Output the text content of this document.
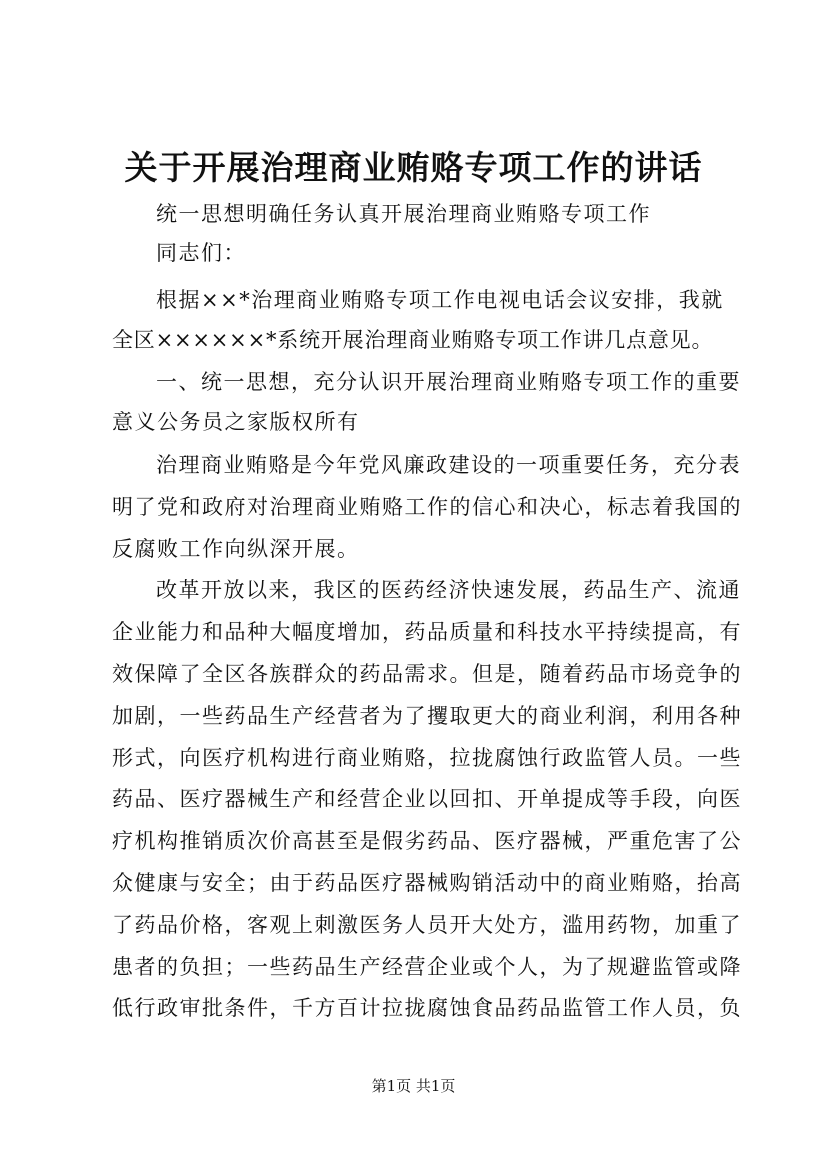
关于开展治理商业贿赂专项工作的讲话
统一思想明确任务认真开展治理商业贿赂专项工作
同志们：
根据××*治理商业贿赂专项工作电视电话会议安排，我就
全区××××××*系统开展治理商业贿赂专项工作讲几点意见。
一、统一思想，充分认识开展治理商业贿赂专项工作的重要
意义公务员之家版权所有
治理商业贿赂是今年党风廉政建设的一项重要任务，充分表
明了党和政府对治理商业贿赂工作的信心和决心，标志着我国的
反腐败工作向纵深开展。
改革开放以来，我区的医药经济快速发展，药品生产、流通
企业能力和品种大幅度增加，药品质量和科技水平持续提高，有
效保障了全区各族群众的药品需求。但是，随着药品市场竞争的
加剧，一些药品生产经营者为了攫取更大的商业利润，利用各种
形式，向医疗机构进行商业贿赂，拉拢腐蚀行政监管人员。一些
药品、医疗器械生产和经营企业以回扣、开单提成等手段，向医
疗机构推销质次价高甚至是假劣药品、医疗器械，严重危害了公
众健康与安全；由于药品医疗器械购销活动中的商业贿赂，抬高
了药品价格，客观上刺激医务人员开大处方，滥用药物，加重了
患者的负担；一些药品生产经营企业或个人，为了规避监管或降
低行政审批条件，千方百计拉拢腐蚀食品药品监管工作人员，负
第1页 共1页
